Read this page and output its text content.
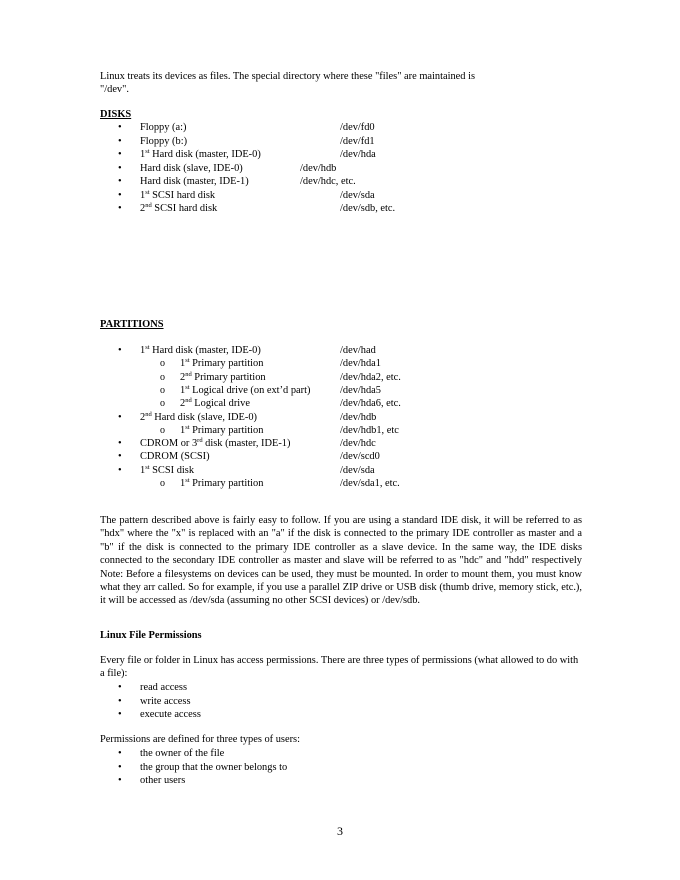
Linux treats its devices as files. The special directory where these "files" are maintained is "/dev".
DISKS
•	Floppy (a:)	/dev/fd0
•	Floppy (b:)	/dev/fd1
•	1st Hard disk (master, IDE-0)	/dev/hda
•	Hard disk (slave, IDE-0)	/dev/hdb
•	Hard disk (master, IDE-1)	/dev/hdc, etc.
•	1st SCSI hard disk	/dev/sda
•	2nd SCSI hard disk	/dev/sdb, etc.
PARTITIONS
•	1st Hard disk (master, IDE-0)	/dev/had
o	1st Primary partition	/dev/hda1
o	2nd Primary partition	/dev/hda2, etc.
o	1st Logical drive (on ext’d part)	/dev/hda5
o	2nd Logical drive	/dev/hda6, etc.
•	2nd Hard disk (slave, IDE-0)	/dev/hdb
o	1st Primary partition	/dev/hdb1, etc
•	CDROM or 3rd disk (master, IDE-1)	/dev/hdc
•	CDROM (SCSI)	/dev/scd0
•	1st SCSI disk	/dev/sda
o	1st Primary partition	/dev/sda1, etc.
The pattern described above is fairly easy to follow. If you are using a standard IDE disk, it will be referred to as "hdx" where the "x" is replaced with an "a" if the disk is connected to the primary IDE controller as master and a "b" if the disk is connected to the primary IDE controller as a slave device. In the same way, the IDE disks connected to the secondary IDE controller as master and slave will be referred to as "hdc" and "hdd" respectively Note: Before a filesystems on devices can be used, they must be mounted. In order to mount them, you must know what they arr called. So for example, if you use a parallel ZIP drive or USB disk (thumb drive, memory stick, etc.), it will be accessed as /dev/sda (assuming no other SCSI devices) or /dev/sdb.
Linux File Permissions
Every file or folder in Linux has access permissions. There are three types of permissions (what allowed to do with a file):
•	read access
•	write access
•	execute access
Permissions are defined for three types of users:
•	the owner of the file
•	the group that the owner belongs to
•	other users
3
